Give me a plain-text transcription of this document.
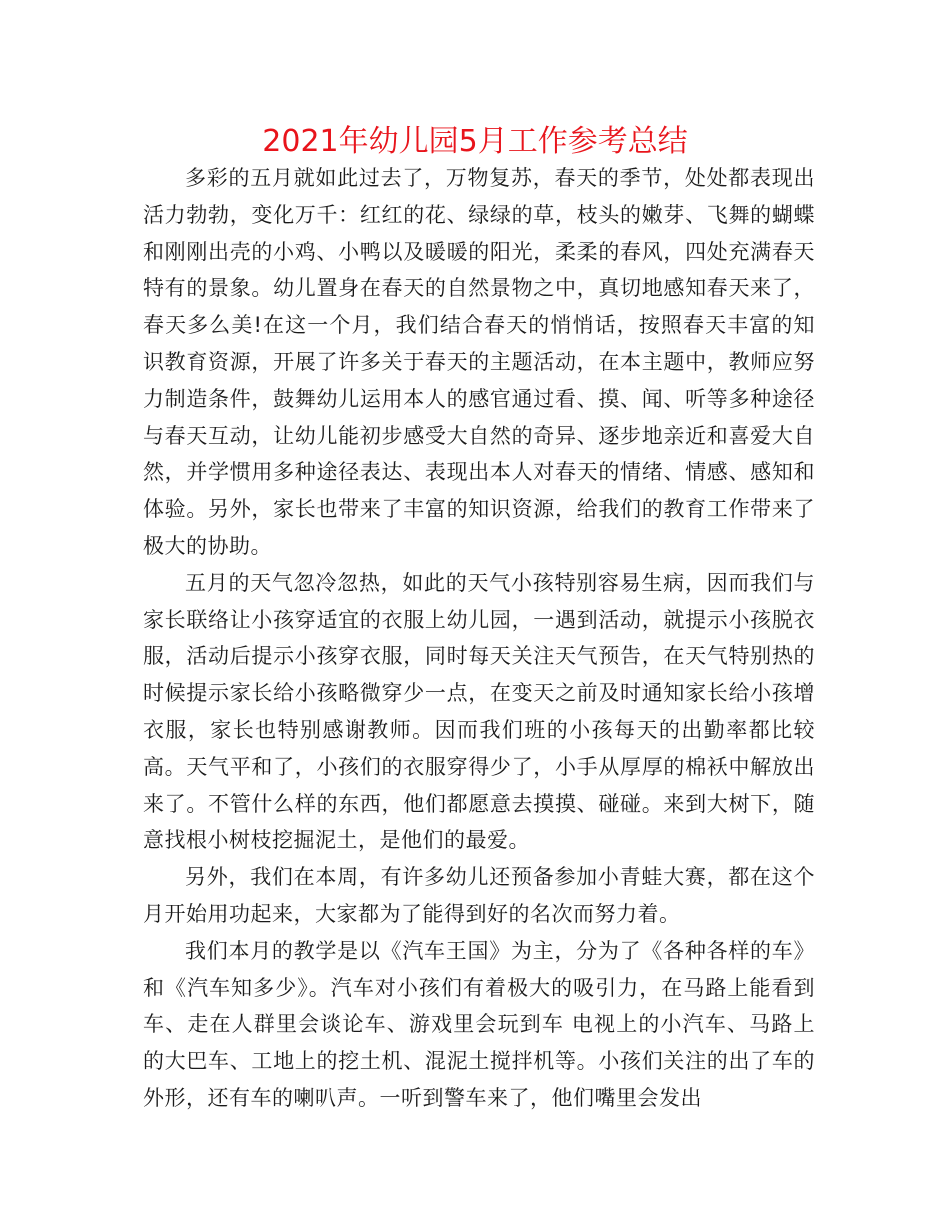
2021年幼儿园5月工作参考总结

多彩的五月就如此过去了，万物复苏，春天的季节，处处都表现出活力勃勃，变化万千：红红的花、绿绿的草，枝头的嫩芽、飞舞的蝴蝶和刚刚出壳的小鸡、小鸭以及暖暖的阳光，柔柔的春风，四处充满春天特有的景象。幼儿置身在春天的自然景物之中，真切地感知春天来了，春天多么美!在这一个月，我们结合春天的悄悄话，按照春天丰富的知识教育资源，开展了许多关于春天的主题活动，在本主题中，教师应努力制造条件，鼓舞幼儿运用本人的感官通过看、摸、闻、听等多种途径与春天互动，让幼儿能初步感受大自然的奇异、逐步地亲近和喜爱大自然，并学惯用多种途径表达、表现出本人对春天的情绪、情感、感知和体验。另外，家长也带来了丰富的知识资源，给我们的教育工作带来了极大的协助。

五月的天气忽冷忽热，如此的天气小孩特别容易生病，因而我们与家长联络让小孩穿适宜的衣服上幼儿园，一遇到活动，就提示小孩脱衣服，活动后提示小孩穿衣服，同时每天关注天气预告，在天气特别热的时候提示家长给小孩略微穿少一点，在变天之前及时通知家长给小孩增衣服，家长也特别感谢教师。因而我们班的小孩每天的出勤率都比较高。天气平和了，小孩们的衣服穿得少了，小手从厚厚的棉袄中解放出来了。不管什么样的东西，他们都愿意去摸摸、碰碰。来到大树下，随意找根小树枝挖掘泥土，是他们的最爱。

另外，我们在本周，有许多幼儿还预备参加小青蛙大赛，都在这个月开始用功起来，大家都为了能得到好的名次而努力着。

我们本月的教学是以《汽车王国》为主，分为了《各种各样的车》和《汽车知多少》。汽车对小孩们有着极大的吸引力，在马路上能看到车、走在人群里会谈论车、游戏里会玩到车 电视上的小汽车、马路上的大巴车、工地上的挖土机、混泥土搅拌机等。小孩们关注的出了车的外形，还有车的喇叭声。一听到警车来了，他们嘴里会发出
